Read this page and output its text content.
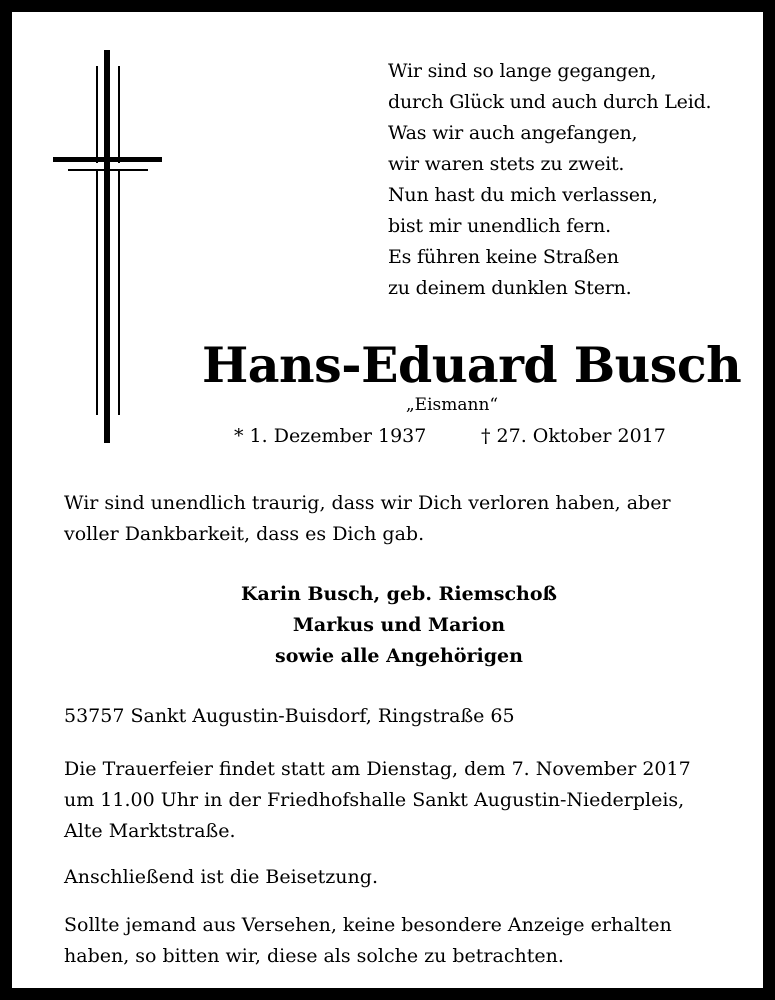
Wir sind so lange gegangen,
durch Glück und auch durch Leid.
Was wir auch angefangen,
wir waren stets zu zweit.
Nun hast du mich verlassen,
bist mir unendlich fern.
Es führen keine Straßen
zu deinem dunklen Stern.
Hans-Eduard Busch
„Eismann“
* 1. Dezember 1937	† 27. Oktober 2017
Wir sind unendlich traurig, dass wir Dich verloren haben, aber
voller Dankbarkeit, dass es Dich gab.
Karin Busch, geb. Riemschoß
Markus und Marion
sowie alle Angehörigen
53757 Sankt Augustin-Buisdorf, Ringstraße 65
Die Trauerfeier findet statt am Dienstag, dem 7. November 2017
um 11.00 Uhr in der Friedhofshalle Sankt Augustin-Niederpleis,
Alte Marktstraße.
Anschließend ist die Beisetzung.
Sollte jemand aus Versehen, keine besondere Anzeige erhalten
haben, so bitten wir, diese als solche zu betrachten.
